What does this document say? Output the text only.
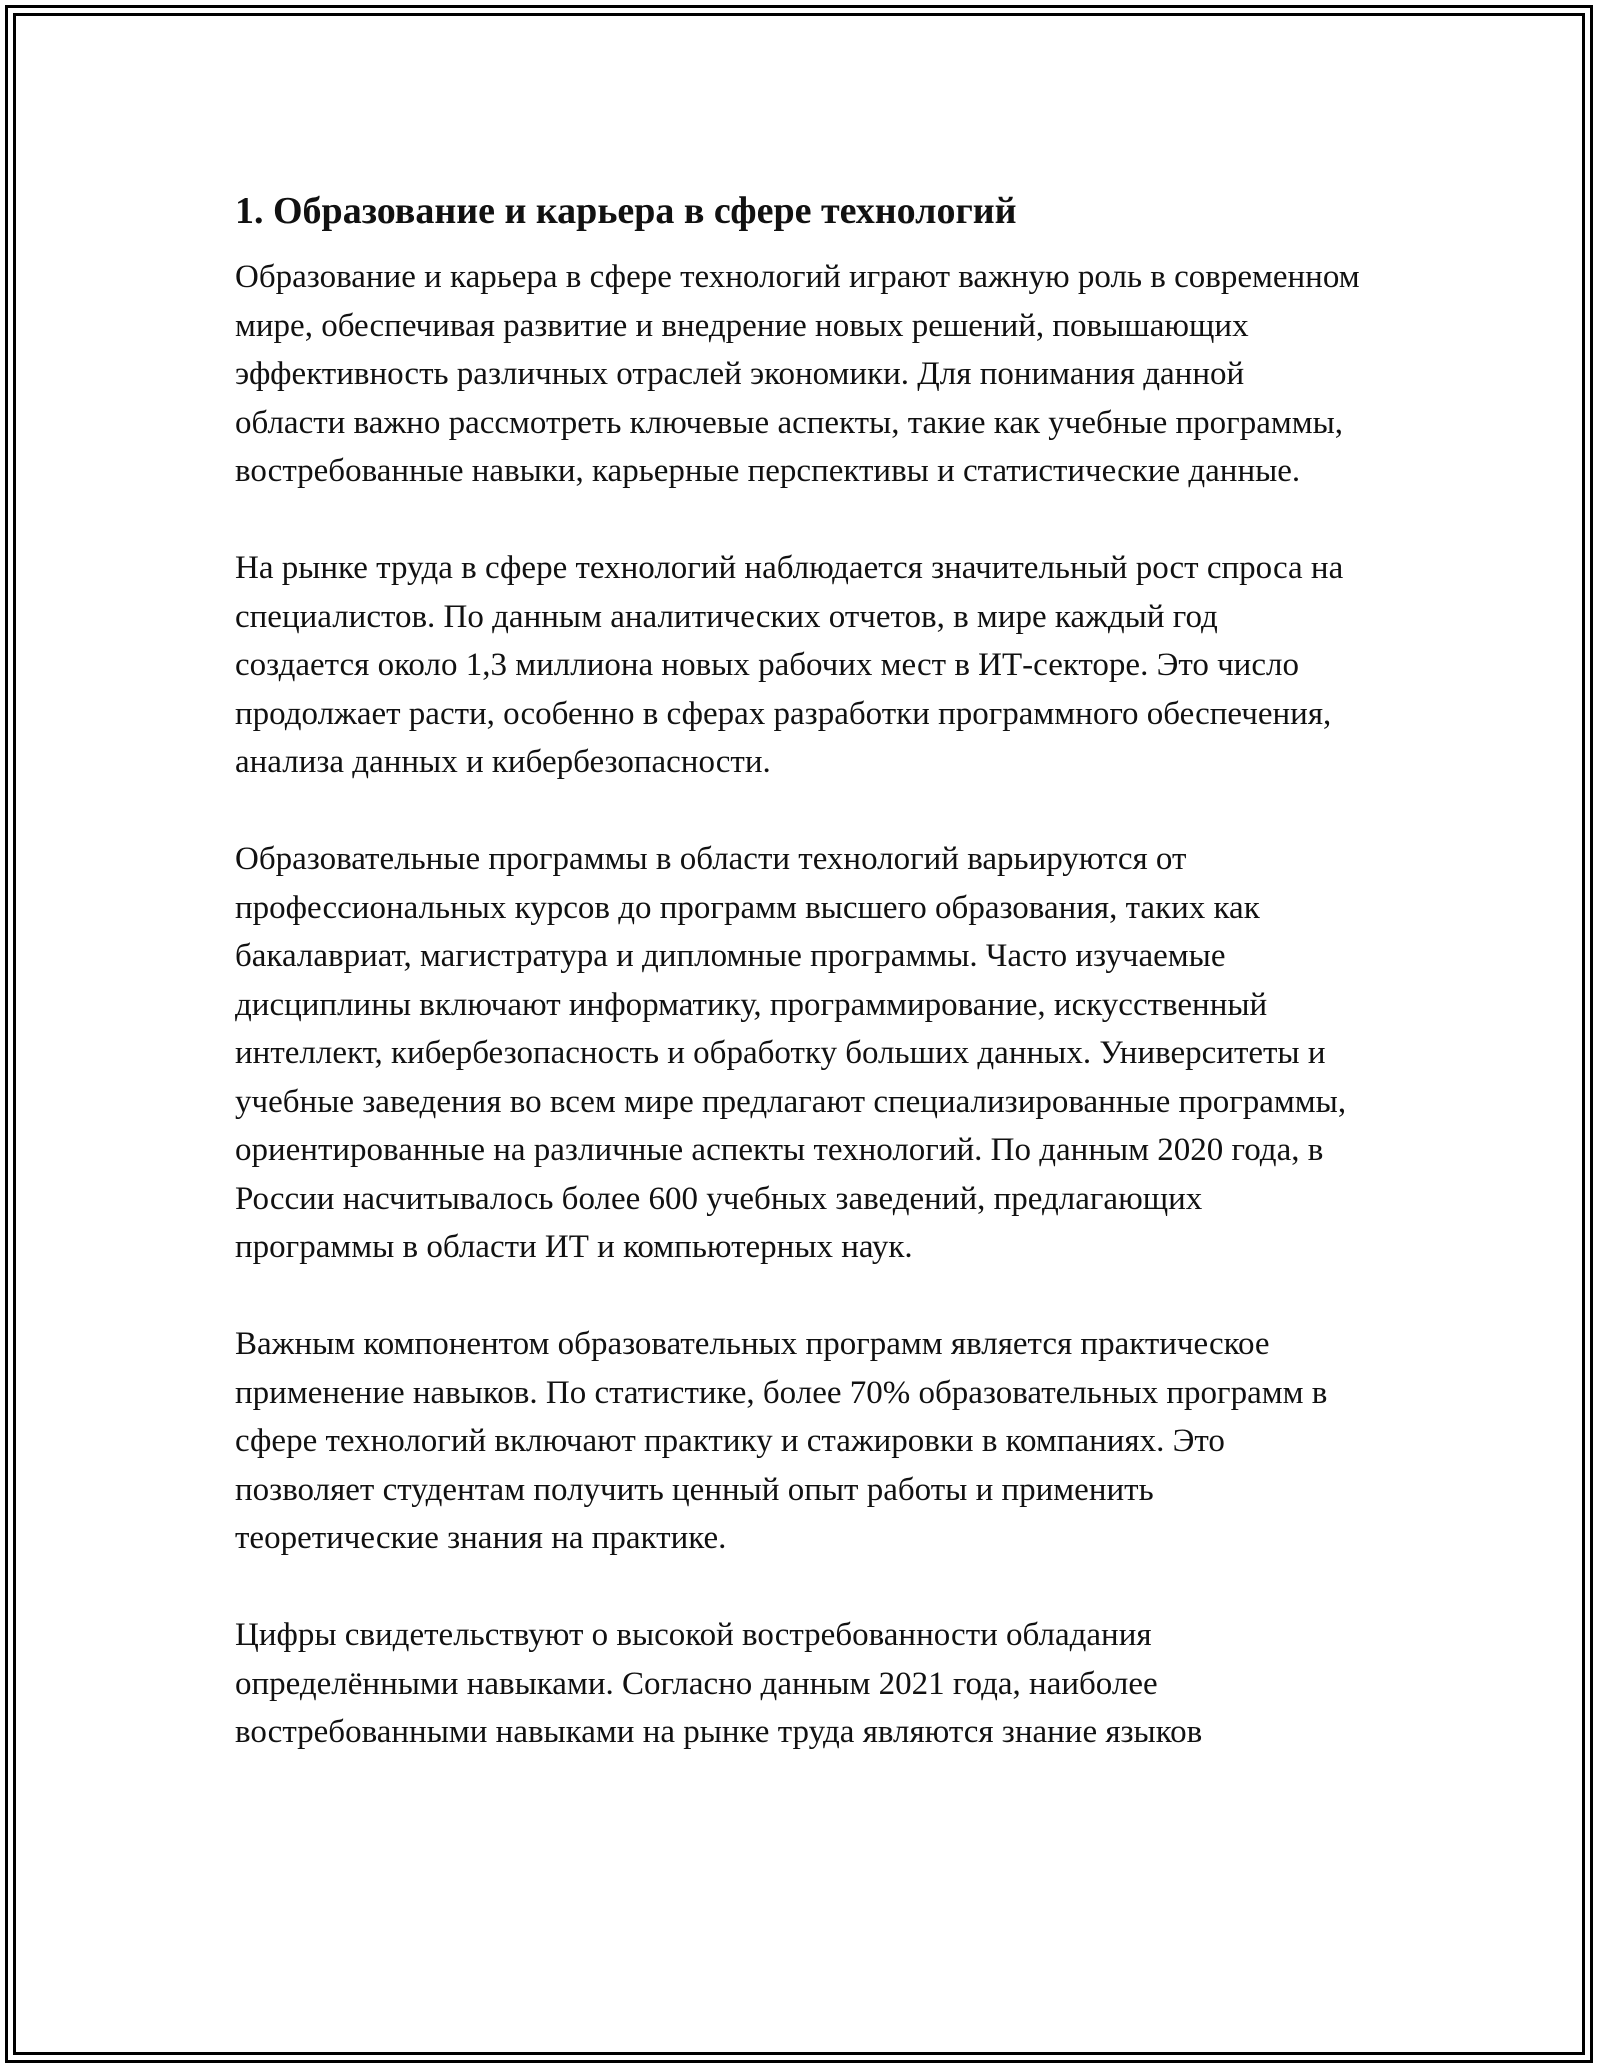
1. Образование и карьера в сфере технологий

Образование и карьера в сфере технологий играют важную роль в современном мире, обеспечивая развитие и внедрение новых решений, повышающих эффективность различных отраслей экономики. Для понимания данной области важно рассмотреть ключевые аспекты, такие как учебные программы, востребованные навыки, карьерные перспективы и статистические данные.

На рынке труда в сфере технологий наблюдается значительный рост спроса на специалистов. По данным аналитических отчетов, в мире каждый год создается около 1,3 миллиона новых рабочих мест в ИТ-секторе. Это число продолжает расти, особенно в сферах разработки программного обеспечения, анализа данных и кибербезопасности.

Образовательные программы в области технологий варьируются от профессиональных курсов до программ высшего образования, таких как бакалавриат, магистратура и дипломные программы. Часто изучаемые дисциплины включают информатику, программирование, искусственный интеллект, кибербезопасность и обработку больших данных. Университеты и учебные заведения во всем мире предлагают специализированные программы, ориентированные на различные аспекты технологий. По данным 2020 года, в России насчитывалось более 600 учебных заведений, предлагающих программы в области ИТ и компьютерных наук.

Важным компонентом образовательных программ является практическое применение навыков. По статистике, более 70% образовательных программ в сфере технологий включают практику и стажировки в компаниях. Это позволяет студентам получить ценный опыт работы и применить теоретические знания на практике.

Цифры свидетельствуют о высокой востребованности обладания определёнными навыками. Согласно данным 2021 года, наиболее востребованными навыками на рынке труда являются знание языков
